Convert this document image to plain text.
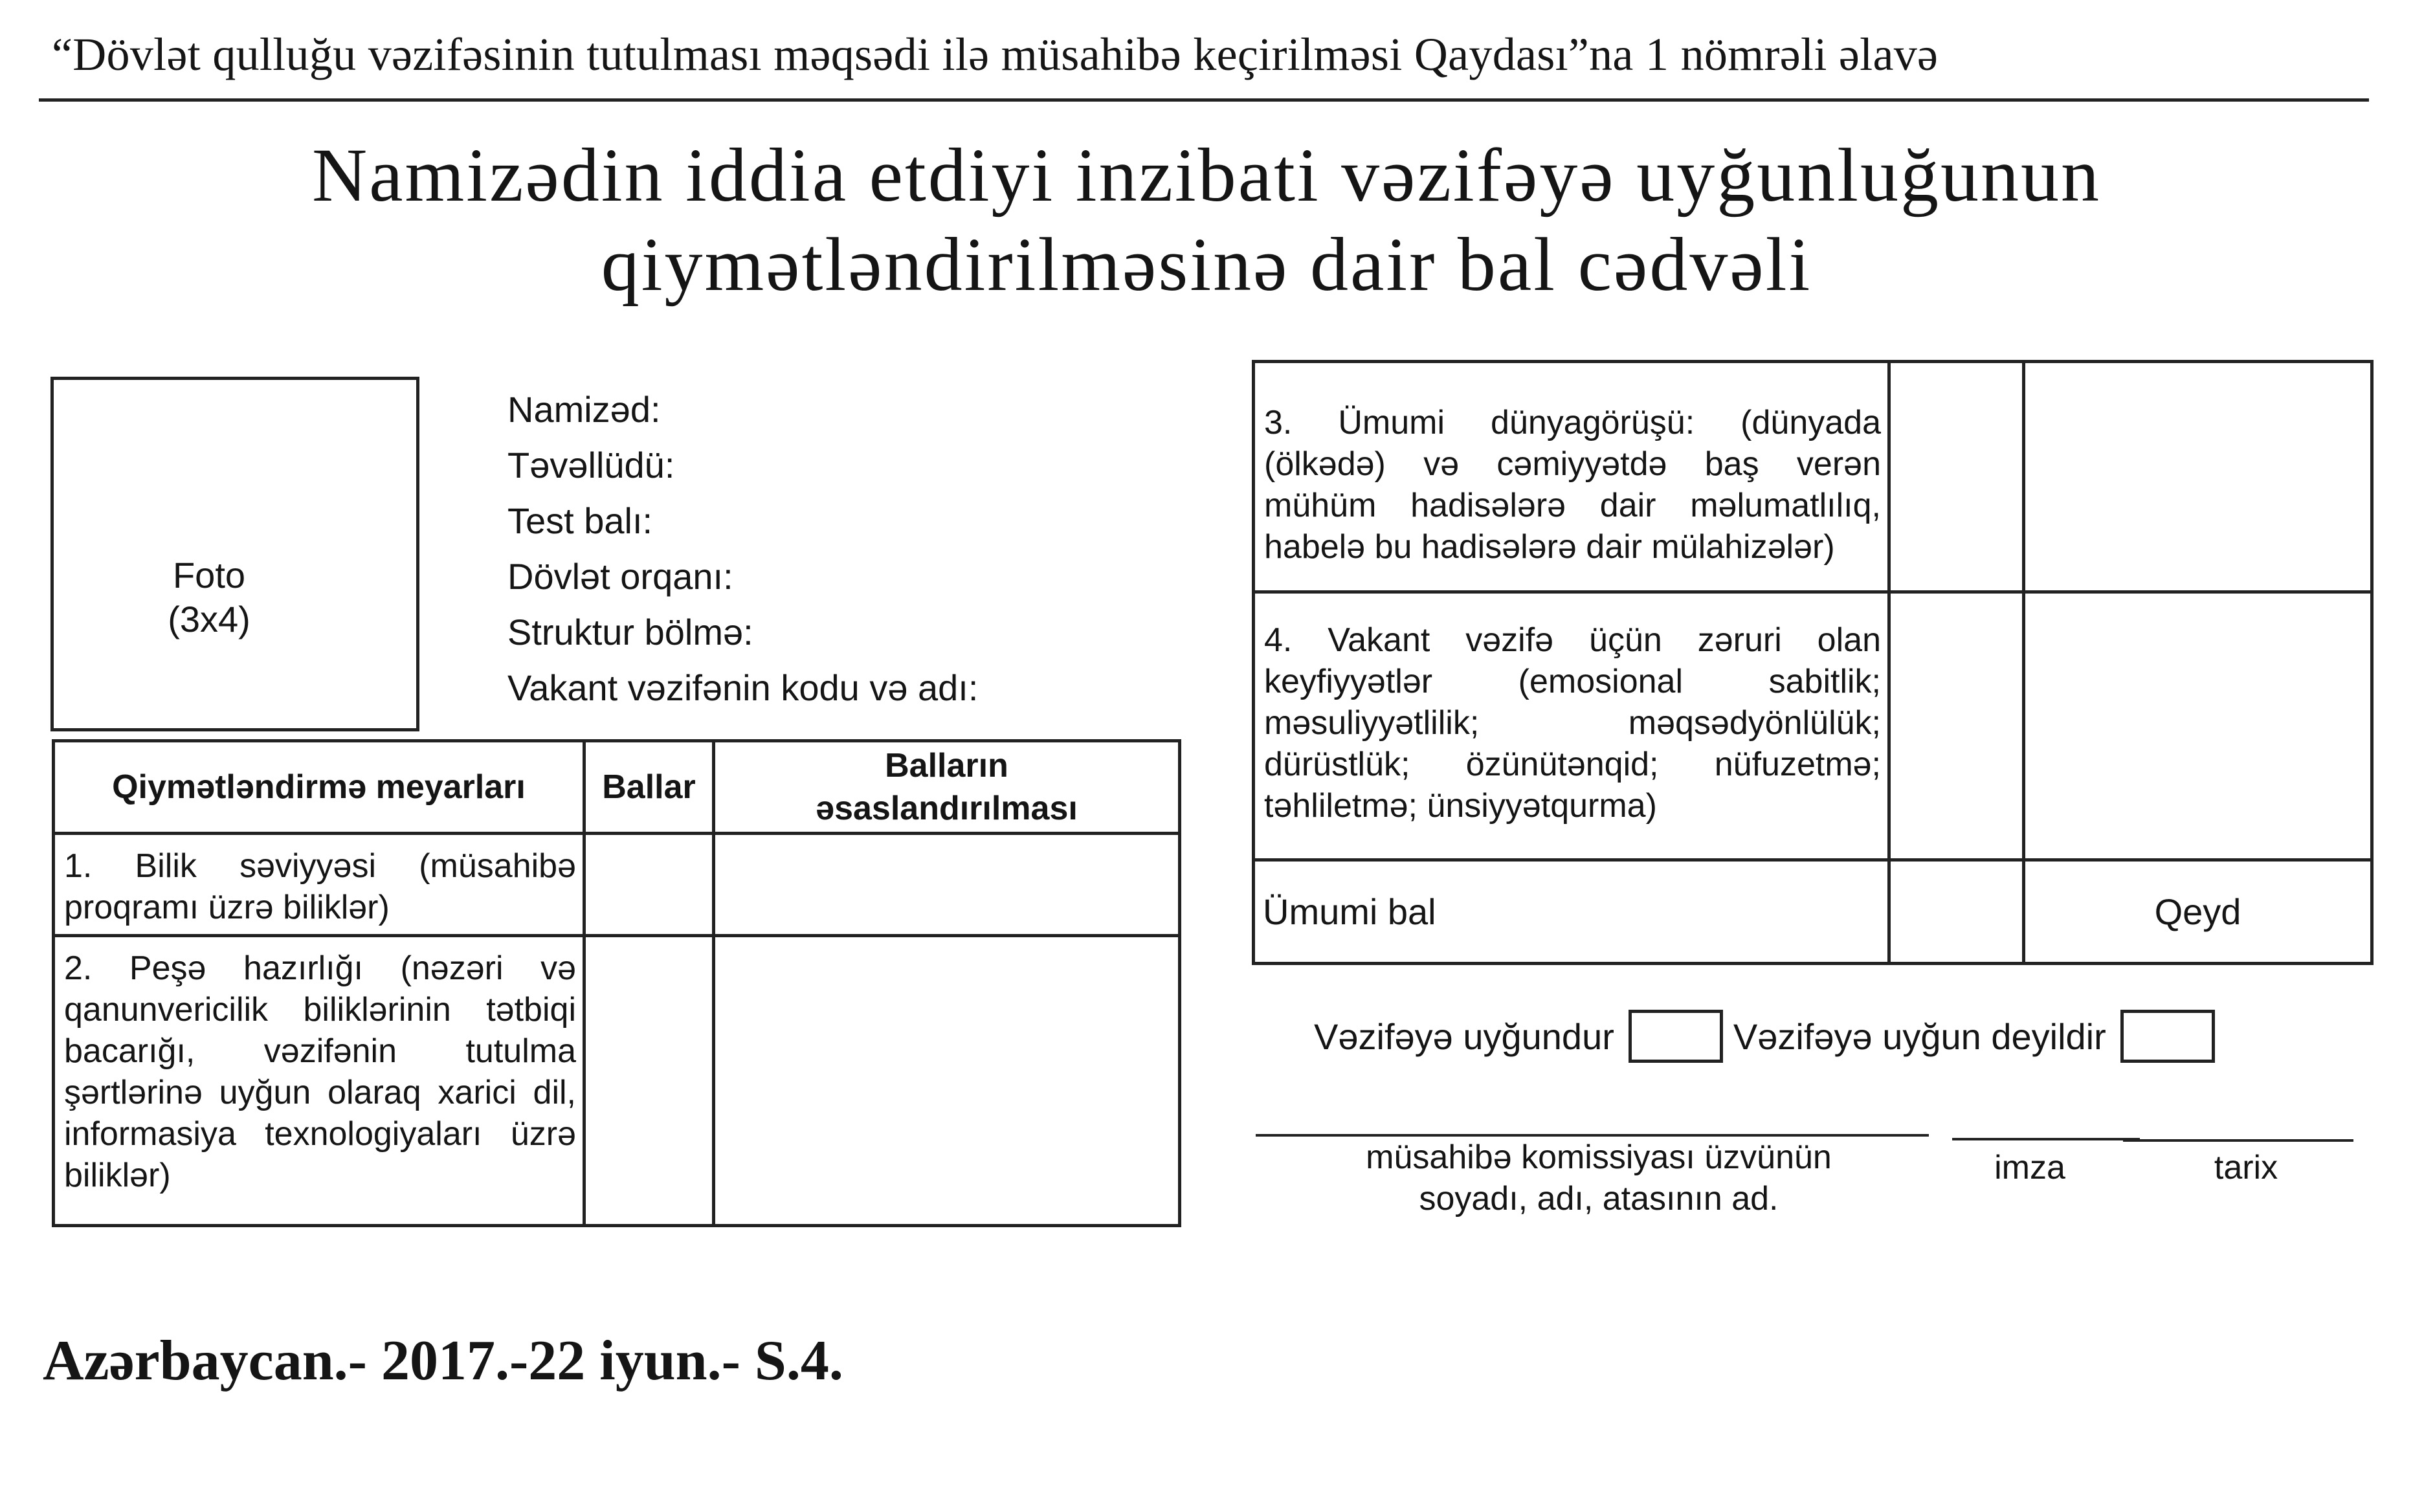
“Dövlət qulluğu vəzifəsinin tutulması məqsədi ilə müsahibə keçirilməsi Qaydası”na 1 nömrəli əlavə
Namizədin iddia etdiyi inzibati vəzifəyə uyğunluğunun
qiymətləndirilməsinə dair bal cədvəli
Foto
(3x4)
Namizəd:
Təvəllüdü:
Test balı:
Dövlət orqanı:
Struktur bölmə:
Vakant vəzifənin kodu və adı:
Qiymətləndirmə meyarları	Ballar	Balların
əsaslandırılması

1. Bilik səviyyəsi (müsahibə proqramı üzrə biliklər)		
2. Peşə hazırlığı (nəzəri və qanunvericilik biliklərinin tətbiqi bacarığı, vəzifənin tutulma şərtlərinə uyğun olaraq xarici dil, informasiya texnologiyaları üzrə biliklər)		
3. Ümumi dünyagörüşü: (dünyada (ölkədə) və cəmiyyətdə baş verən mühüm hadisələrə dair məlumatlılıq, habelə bu hadisələrə dair mülahizələr)		
4. Vakant vəzifə üçün zəruri olan keyfiyyətlər (emosional sabitlik; məsuliyyətlilik; məqsədyönlülük; dürüstlük; özünütənqid; nüfuzetmə; təhliletmə; ünsiyyətqurma)		
Ümumi bal		Qeyd
Vəzifəyə uyğundur	Vəzifəyə uyğun deyildir
müsahibə komissiyası üzvünün
soyadı, adı, atasının ad.
imza	tarix
Azərbaycan.- 2017.-22 iyun.- S.4.
